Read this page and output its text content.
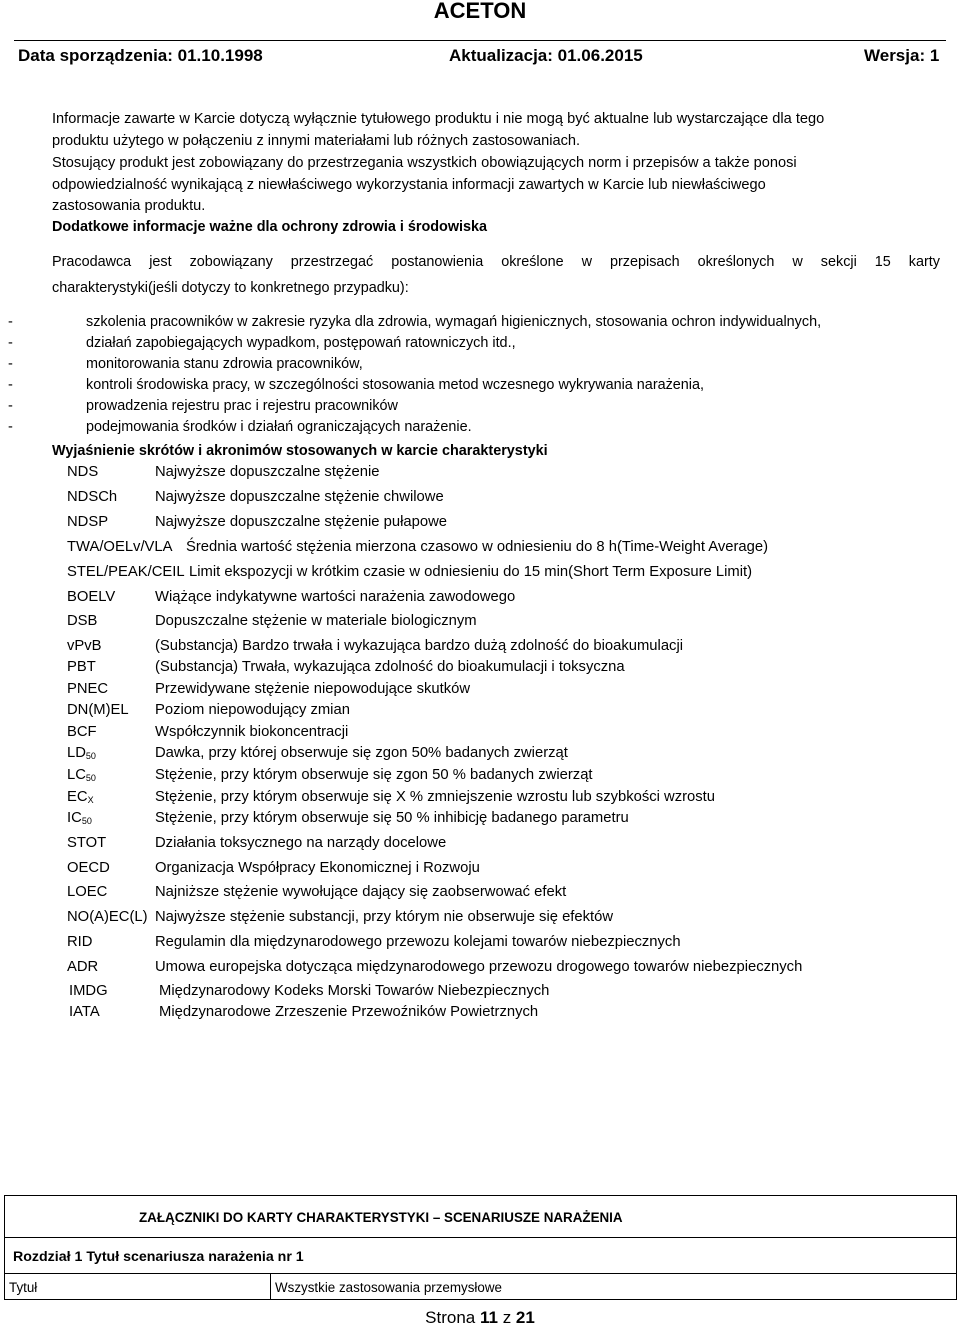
ACETON
Data sporządzenia: 01.10.1998	Aktualizacja: 01.06.2015	Wersja: 1
Informacje zawarte w Karcie dotyczą wyłącznie tytułowego produktu i nie mogą być aktualne lub wystarczające dla tego
produktu użytego w połączeniu z innymi materiałami lub różnych zastosowaniach.
Stosujący produkt jest zobowiązany do przestrzegania wszystkich obowiązujących norm i przepisów a także ponosi
odpowiedzialność wynikającą z niewłaściwego wykorzystania informacji zawartych w Karcie lub niewłaściwego
zastosowania produktu.
Dodatkowe informacje ważne dla ochrony zdrowia i środowiska
Pracodawca jest zobowiązany przestrzegać postanowienia określone w przepisach określonych w sekcji 15 karty
charakterystyki(jeśli dotyczy to konkretnego przypadku):
-	szkolenia pracowników w zakresie ryzyka dla zdrowia, wymagań higienicznych, stosowania ochron indywidualnych,
-	działań zapobiegających wypadkom, postępowań ratowniczych itd.,
-	monitorowania stanu zdrowia pracowników,
-	kontroli środowiska pracy, w szczególności stosowania metod wczesnego wykrywania narażenia,
-	prowadzenia rejestru prac i rejestru pracowników
-	podejmowania środków i działań ograniczających narażenie.
Wyjaśnienie skrótów i akronimów stosowanych w karcie charakterystyki
NDS	Najwyższe dopuszczalne stężenie
NDSCh	Najwyższe dopuszczalne stężenie chwilowe
NDSP	Najwyższe dopuszczalne stężenie pułapowe
TWA/OELv/VLA Średnia wartość stężenia mierzona czasowo w odniesieniu do 8 h(Time-Weight Average)
STEL/PEAK/CEIL Limit ekspozycji w krótkim czasie w odniesieniu do 15 min(Short Term Exposure Limit)
BOELV	Wiążące indykatywne wartości narażenia zawodowego
DSB	Dopuszczalne stężenie w materiale biologicznym
vPvB	(Substancja) Bardzo trwała i wykazująca bardzo dużą zdolność do bioakumulacji
PBT	(Substancja) Trwała, wykazująca zdolność do bioakumulacji i toksyczna
PNEC	Przewidywane stężenie niepowodujące skutków
DN(M)EL Poziom niepowodujący zmian
BCF	Współczynnik biokoncentracji
$LD_{50}$	Dawka, przy której obserwuje się zgon 50% badanych zwierząt
$LC_{50}$	Stężenie, przy którym obserwuje się zgon 50 % badanych zwierząt
$EC_X$	Stężenie, przy którym obserwuje się X % zmniejszenie wzrostu lub szybkości wzrostu
$IC_{50}$	Stężenie, przy którym obserwuje się 50 % inhibicję badanego parametru
STOT	Działania toksycznego na narządy docelowe
OECD	Organizacja Współpracy Ekonomicznej i Rozwoju
LOEC	Najniższe stężenie wywołujące dający się zaobserwować efekt
NO(A)EC(L) Najwyższe stężenie substancji, przy którym nie obserwuje się efektów
RID	Regulamin dla międzynarodowego przewozu kolejami towarów niebezpiecznych
ADR	Umowa europejska dotycząca międzynarodowego przewozu drogowego towarów niebezpiecznych
IMDG	Międzynarodowy Kodeks Morski Towarów Niebezpiecznych
IATA	Międzynarodowe Zrzeszenie Przewoźników Powietrznych
ZAŁĄCZNIKI DO KARTY CHARAKTERYSTYKI – SCENARIUSZE NARAŻENIA
Rozdział 1 Tytuł scenariusza narażenia nr 1
Tytuł	Wszystkie zastosowania przemysłowe
Strona 11 z 21
